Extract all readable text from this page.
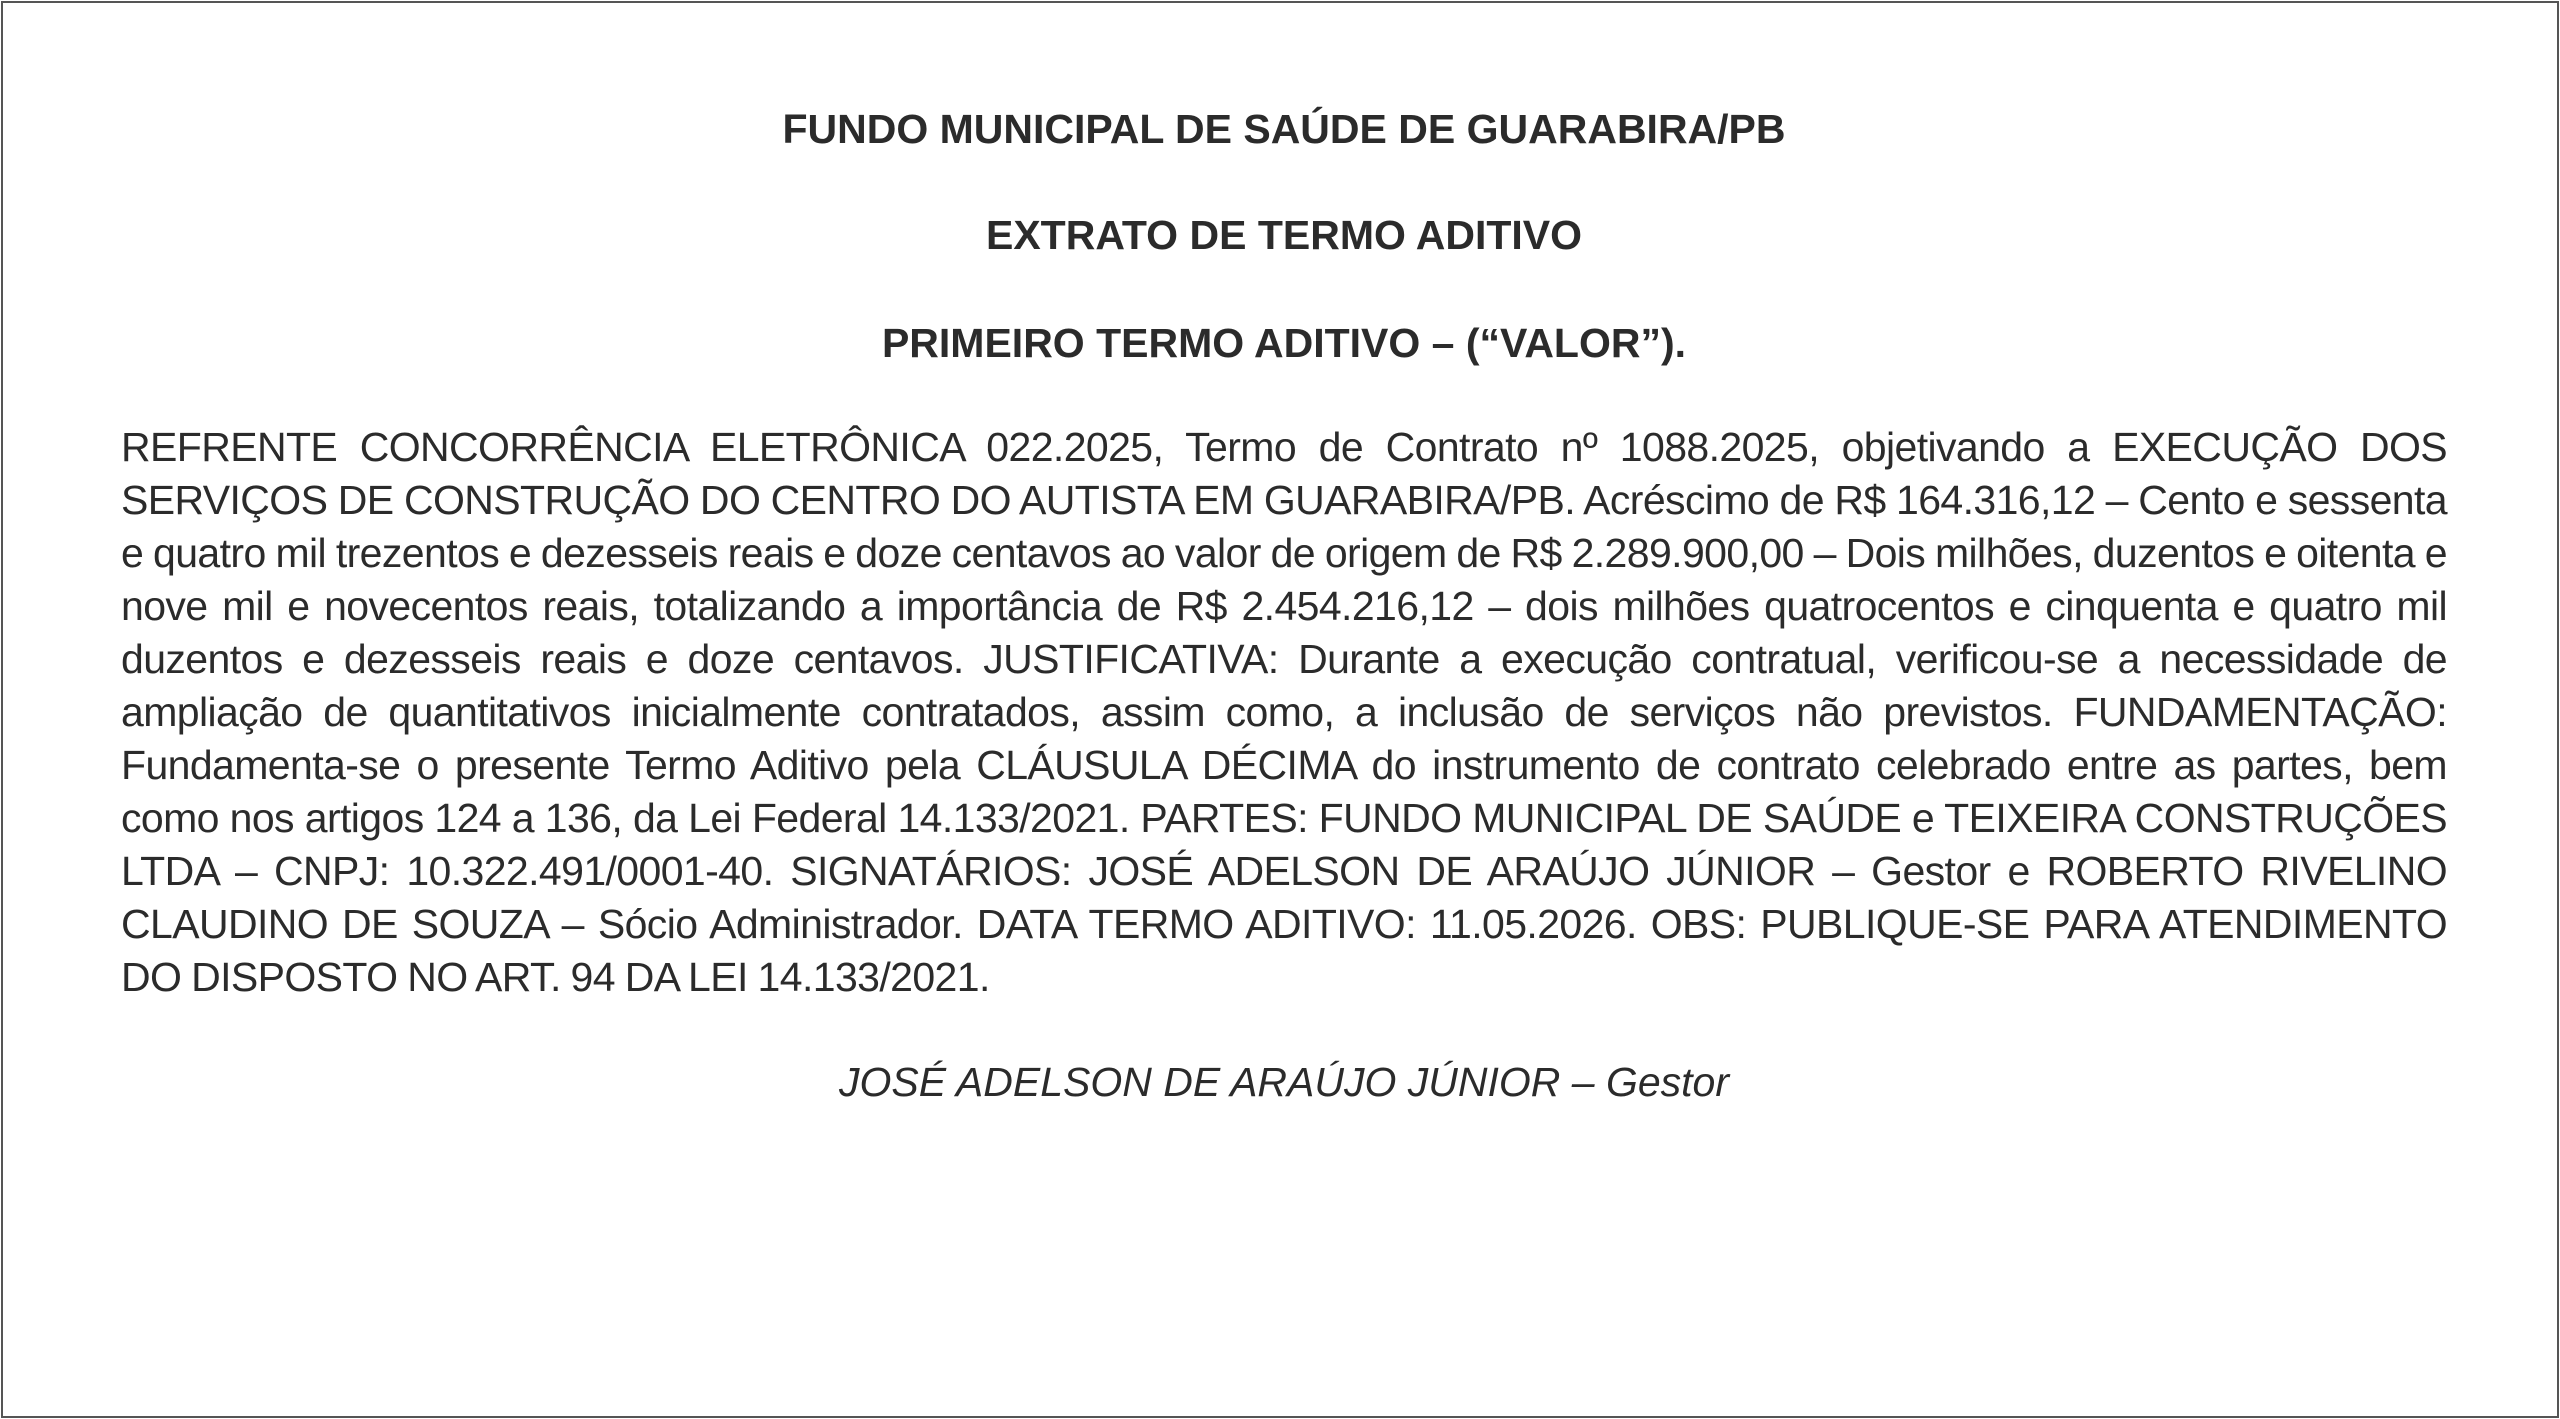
FUNDO MUNICIPAL DE SAÚDE DE GUARABIRA/PB
EXTRATO DE TERMO ADITIVO
PRIMEIRO TERMO ADITIVO – (“VALOR”).
REFRENTE CONCORRÊNCIA ELETRÔNICA 022.2025, Termo de Contrato nº 1088.2025, objetivando a EXECUÇÃO DOS SERVIÇOS DE CONSTRUÇÃO DO CENTRO DO AUTISTA EM GUARABIRA/PB. Acréscimo de R$ 164.316,12 – Cento e sessenta e quatro mil trezentos e dezesseis reais e doze centavos ao valor de origem de R$ 2.289.900,00 – Dois milhões, duzentos e oitenta e nove mil e novecentos reais, totalizando a importância de R$ 2.454.216,12 – dois milhões quatrocentos e cinquenta e quatro mil duzentos e dezesseis reais e doze centavos. JUSTIFICATIVA: Durante a execução contratual, verificou-se a necessidade de ampliação de quantitativos inicialmente contratados, assim como, a inclusão de serviços não previstos. FUNDAMENTAÇÃO: Fundamenta-se o presente Termo Aditivo pela CLÁUSULA DÉCIMA do instrumento de contrato celebrado entre as partes, bem como nos artigos 124 a 136, da Lei Federal 14.133/2021. PARTES: FUNDO MUNICIPAL DE SAÚDE e TEIXEIRA CONSTRUÇÕES LTDA – CNPJ: 10.322.491/0001-40. SIGNATÁRIOS: JOSÉ ADELSON DE ARAÚJO JÚNIOR – Gestor e ROBERTO RIVELINO CLAUDINO DE SOUZA – Sócio Administrador. DATA TERMO ADITIVO: 11.05.2026. OBS: PUBLIQUE-SE PARA ATENDIMENTO DO DISPOSTO NO ART. 94 DA LEI 14.133/2021.
JOSÉ ADELSON DE ARAÚJO JÚNIOR – Gestor
